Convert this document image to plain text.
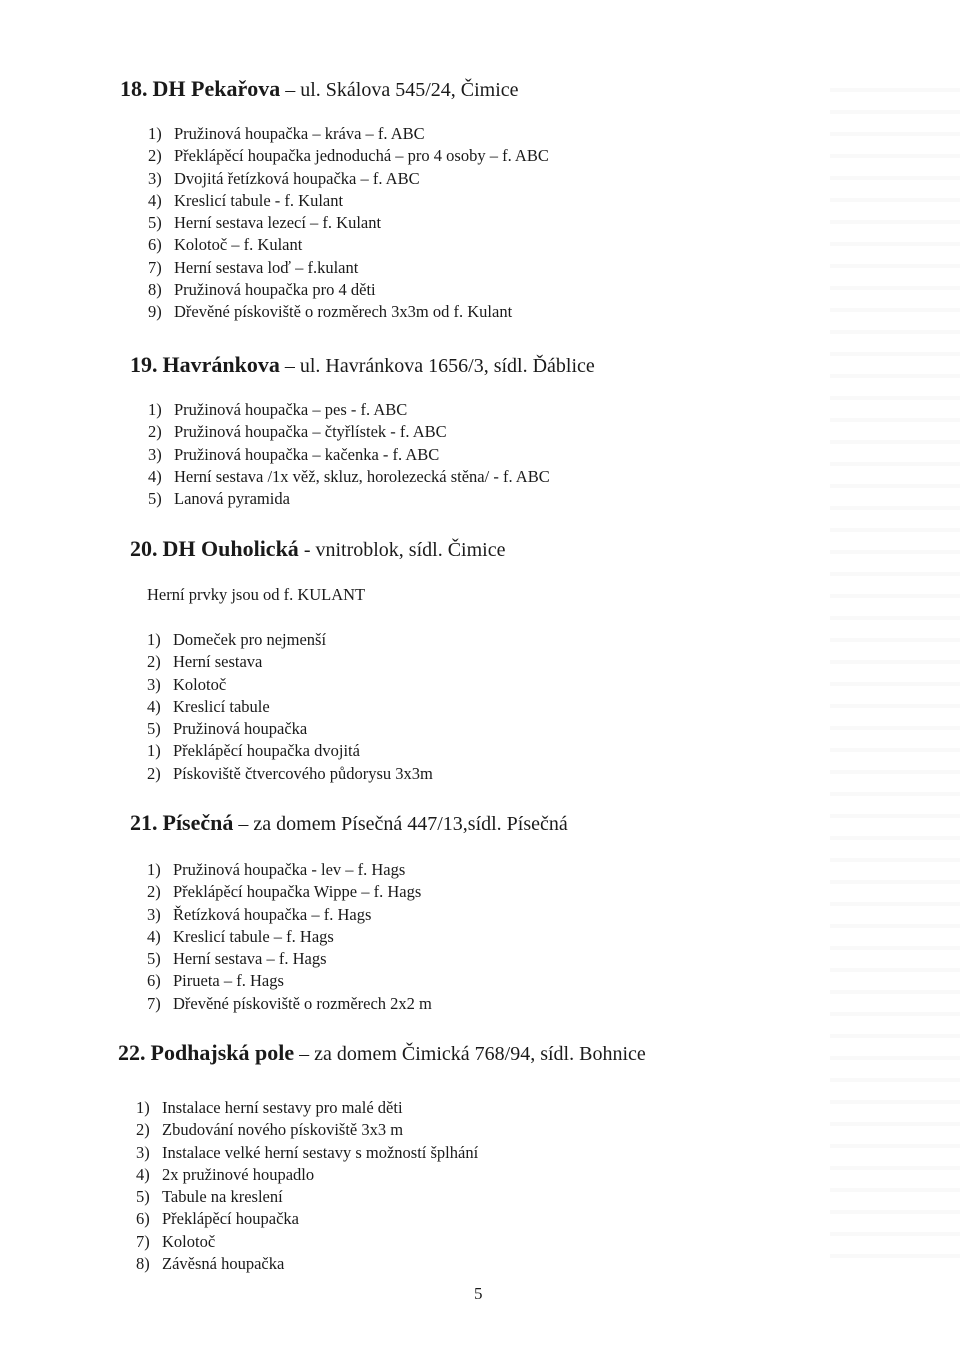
18. DH Pekařova – ul. Skálova 545/24, Čimice
1) Pružinová houpačka – kráva – f. ABC
2) Překlápěcí houpačka jednoduchá – pro 4 osoby – f. ABC
3) Dvojitá řetízková houpačka – f. ABC
4) Kreslicí tabule - f. Kulant
5) Herní sestava lezecí – f. Kulant
6) Kolotoč – f. Kulant
7) Herní sestava loď – f.kulant
8) Pružinová houpačka pro 4 děti
9) Dřevěné pískoviště o rozměrech 3x3m od f. Kulant
19. Havránkova – ul. Havránkova 1656/3, sídl. Ďáblice
1) Pružinová houpačka – pes - f. ABC
2) Pružinová houpačka – čtyřlístek - f. ABC
3) Pružinová houpačka – kačenka - f. ABC
4) Herní sestava /1x věž, skluz, horolezecká stěna/ - f. ABC
5) Lanová pyramida
20. DH Ouholická - vnitroblok, sídl. Čimice
Herní prvky jsou od f. KULANT
1) Domeček pro nejmenší
2) Herní sestava
3) Kolotoč
4) Kreslicí tabule
5) Pružinová houpačka
1) Překlápěcí houpačka dvojitá
2) Pískoviště čtvercového půdorysu 3x3m
21. Písečná – za domem Písečná 447/13,sídl. Písečná
1) Pružinová houpačka - lev – f. Hags
2) Překlápěcí houpačka Wippe – f. Hags
3) Řetízková houpačka – f. Hags
4) Kreslicí tabule – f. Hags
5) Herní sestava – f. Hags
6) Pirueta – f. Hags
7) Dřevěné pískoviště o rozměrech 2x2 m
22. Podhajská pole – za domem Čimická 768/94, sídl. Bohnice
1) Instalace herní sestavy pro malé děti
2) Zbudování nového pískoviště 3x3 m
3) Instalace velké herní sestavy s možností šplhání
4) 2x pružinové houpadlo
5) Tabule na kreslení
6) Překlápěcí houpačka
7) Kolotoč
8) Závěsná houpačka
5
